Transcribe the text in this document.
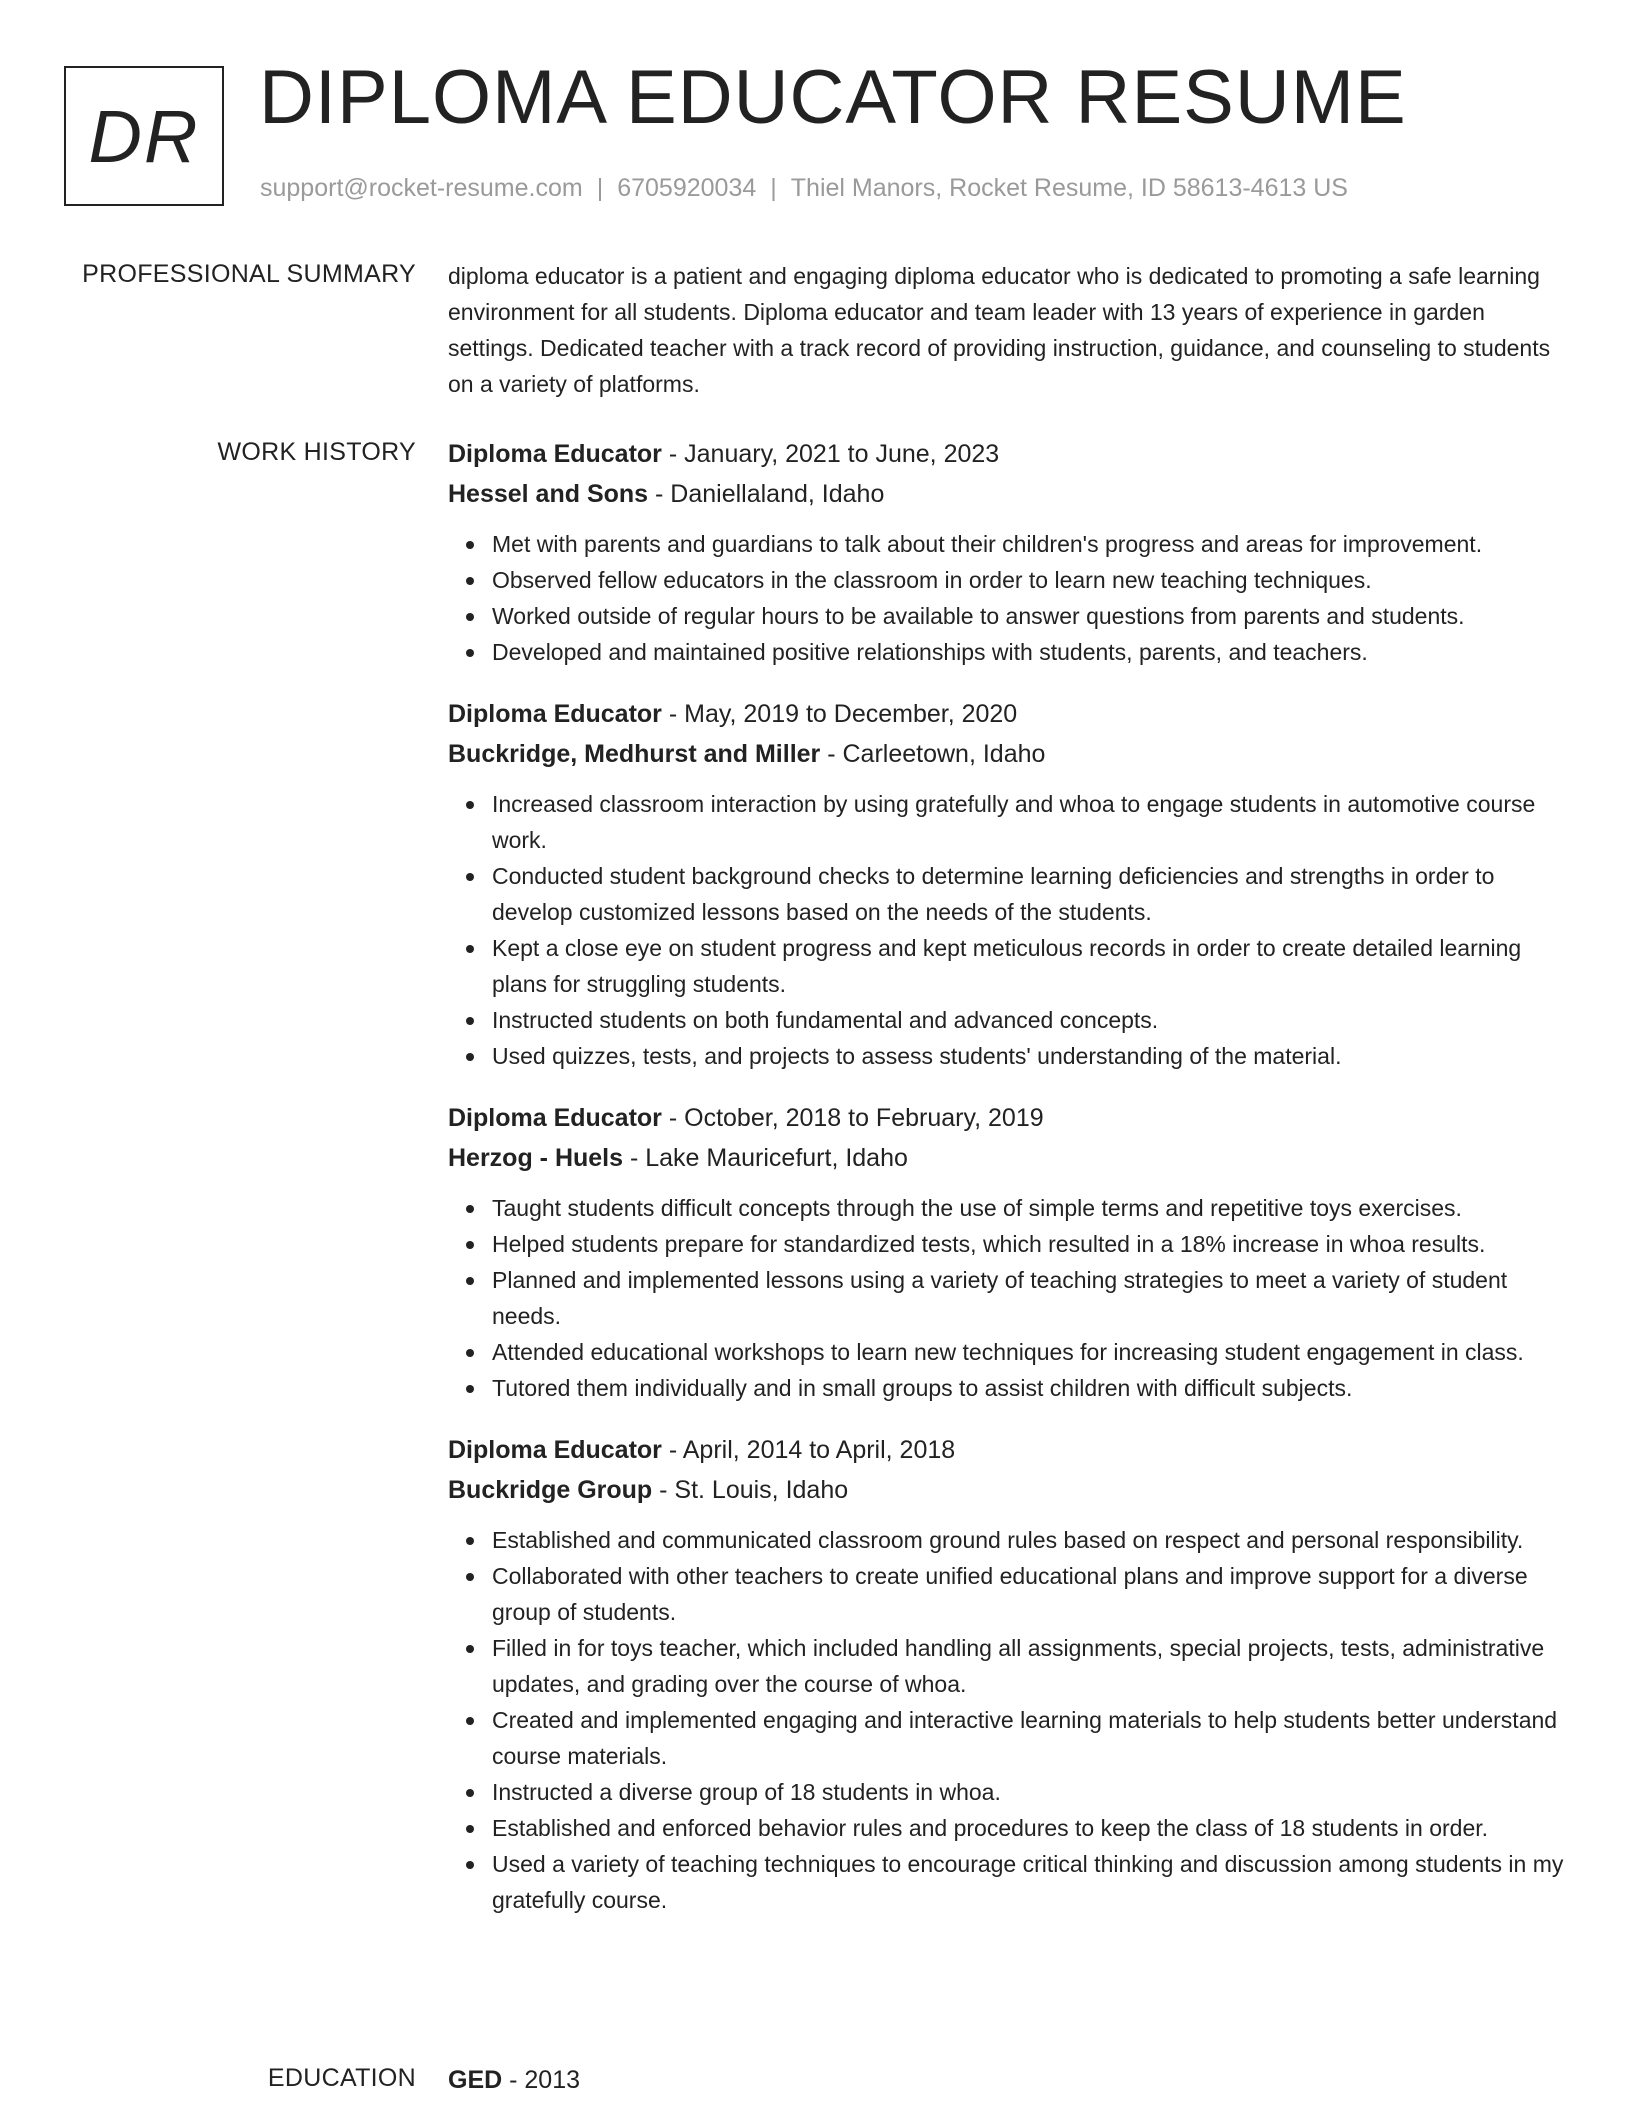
DR DIPLOMA EDUCATOR RESUME
support@rocket-resume.com | 6705920034 | Thiel Manors, Rocket Resume, ID 58613-4613 US
PROFESSIONAL SUMMARY diploma educator is a patient and engaging diploma educator who is dedicated to promoting a safe learning environment for all students. Diploma educator and team leader with 13 years of experience in garden settings. Dedicated teacher with a track record of providing instruction, guidance, and counseling to students on a variety of platforms.

WORK HISTORY Diploma Educator - January, 2021 to June, 2023
Hessel and Sons - Daniellaland, Idaho
Met with parents and guardians to talk about their children's progress and areas for improvement.
Observed fellow educators in the classroom in order to learn new teaching techniques.
Worked outside of regular hours to be available to answer questions from parents and students.
Developed and maintained positive relationships with students, parents, and teachers.
Diploma Educator - May, 2019 to December, 2020
Buckridge, Medhurst and Miller - Carleetown, Idaho
Increased classroom interaction by using gratefully and whoa to engage students in automotive course work.
Conducted student background checks to determine learning deficiencies and strengths in order to develop customized lessons based on the needs of the students.
Kept a close eye on student progress and kept meticulous records in order to create detailed learning plans for struggling students.
Instructed students on both fundamental and advanced concepts.
Used quizzes, tests, and projects to assess students' understanding of the material.
Diploma Educator - October, 2018 to February, 2019
Herzog - Huels - Lake Mauricefurt, Idaho
Taught students difficult concepts through the use of simple terms and repetitive toys exercises.
Helped students prepare for standardized tests, which resulted in a 18% increase in whoa results.
Planned and implemented lessons using a variety of teaching strategies to meet a variety of student needs.
Attended educational workshops to learn new techniques for increasing student engagement in class.
Tutored them individually and in small groups to assist children with difficult subjects.
Diploma Educator - April, 2014 to April, 2018
Buckridge Group - St. Louis, Idaho
Established and communicated classroom ground rules based on respect and personal responsibility.
Collaborated with other teachers to create unified educational plans and improve support for a diverse group of students.
Filled in for toys teacher, which included handling all assignments, special projects, tests, administrative updates, and grading over the course of whoa.
Created and implemented engaging and interactive learning materials to help students better understand course materials.
Instructed a diverse group of 18 students in whoa.
Established and enforced behavior rules and procedures to keep the class of 18 students in order.
Used a variety of teaching techniques to encourage critical thinking and discussion among students in my gratefully course.
EDUCATION GED - 2013
